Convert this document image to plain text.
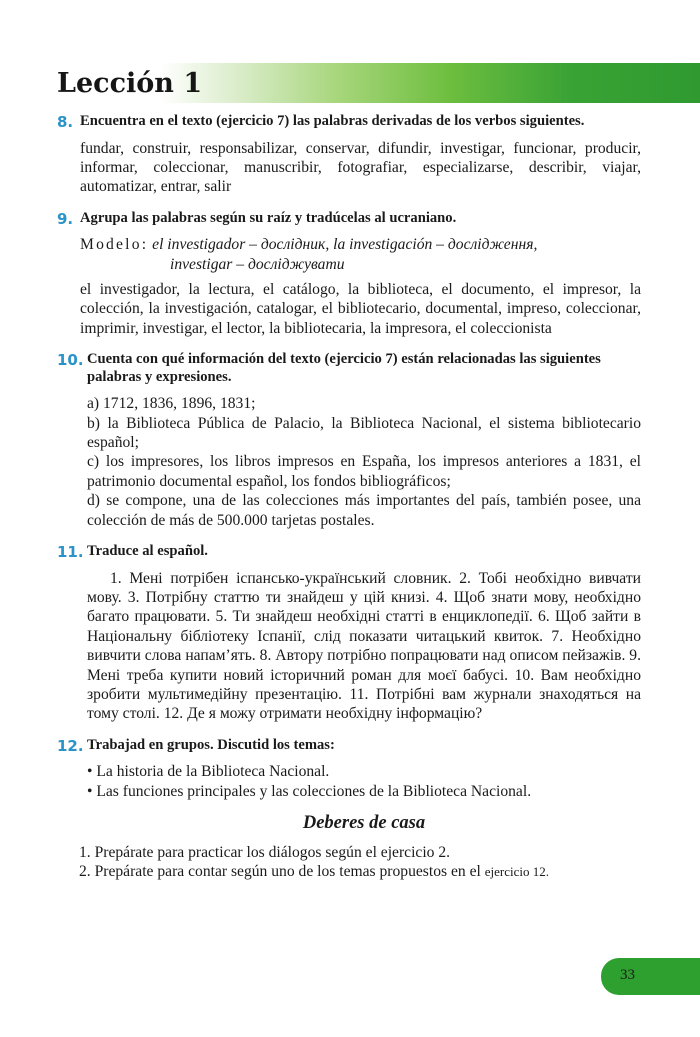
Lección 1
8. Encuentra en el texto (ejercicio 7) las palabras derivadas de los verbos siguientes.

fundar, construir, responsabilizar, conservar, difundir, investigar, funcionar, producir, informar, coleccionar, manuscribir, fotografiar, especializarse, describir, viajar, automatizar, entrar, salir

9. Agrupa las palabras según su raíz y tradúcelas al ucraniano.
Modelo: el investigador – дослідник, la investigación – дослідження,
investigar – досліджувати

el investigador, la lectura, el catálogo, la biblioteca, el documento, el impresor, la colección, la investigación, catalogar, el bibliotecario, documental, impreso, coleccionar, imprimir, investigar, el lector, la bibliotecaria, la impresora, el coleccionista

10. Cuenta con qué información del texto (ejercicio 7) están relacionadas las siguientes palabras y expresiones.

a) 1712, 1836, 1896, 1831;

b) la Biblioteca Pública de Palacio, la Biblioteca Nacional, el sistema bibliotecario español;

c) los impresores, los libros impresos en España, los impresos anteriores a 1831, el patrimonio documental español, los fondos bibliográficos;

d) se compone, una de las colecciones más importantes del país, también posee, una colección de más de 500.000 tarjetas postales.

11. Traduce al español.

1. Мені потрібен іспансько-український словник. 2. Тобі необхідно вивчати мову. 3. Потрібну статтю ти знайдеш у цій книзі. 4. Щоб знати мову, необхідно багато працювати. 5. Ти знайдеш необхідні статті в енциклопедії. 6. Щоб зайти в Національну бібліотеку Іспанії, слід показати читацький квиток. 7. Необхідно вивчити слова напам’ять. 8. Автору потрібно попрацювати над описом пейзажів. 9. Мені треба купити новий історичний роман для моєї бабусі. 10. Вам необхідно зробити мультимедійну презентацію. 11. Потрібні вам журнали знаходяться на тому столі. 12. Де я можу отримати необхідну інформацію?

12. Trabajad en grupos. Discutid los temas:

• La historia de la Biblioteca Nacional.

• Las funciones principales y las colecciones de la Biblioteca Nacional.

Deberes de casa

1. Prepárate para practicar los diálogos según el ejercicio 2.

2. Prepárate para contar según uno de los temas propuestos en el ejercicio 12.

33
